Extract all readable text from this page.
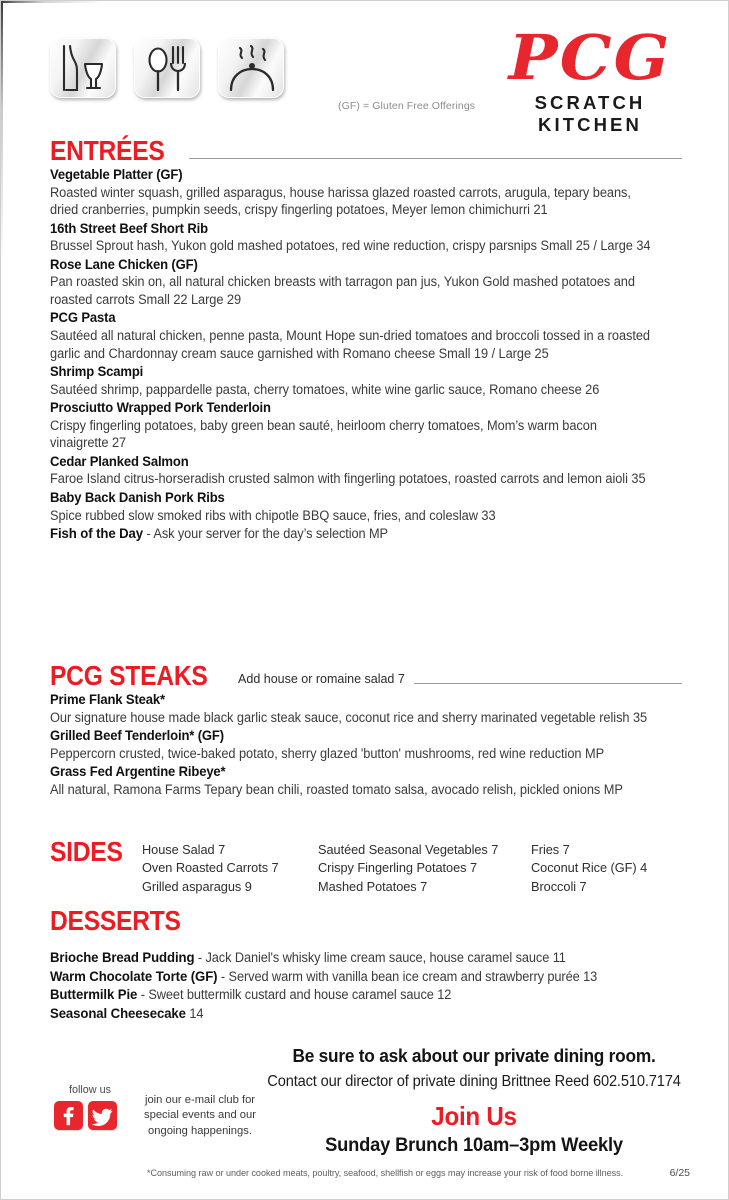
(GF) = Gluten Free Offerings
PCG
SCRATCH KITCHEN
ENTRÉES
Vegetable Platter (GF)
Roasted winter squash, grilled asparagus, house harissa glazed roasted carrots, arugula, tepary beans, dried cranberries, pumpkin seeds, crispy fingerling potatoes, Meyer lemon chimichurri 21
16th Street Beef Short Rib
Brussel Sprout hash, Yukon gold mashed potatoes, red wine reduction, crispy parsnips Small 25 / Large 34
Rose Lane Chicken (GF)
Pan roasted skin on, all natural chicken breasts with tarragon pan jus, Yukon Gold mashed potatoes and roasted carrots Small 22 Large 29
PCG Pasta
Sautéed all natural chicken, penne pasta, Mount Hope sun-dried tomatoes and broccoli tossed in a roasted garlic and Chardonnay cream sauce garnished with Romano cheese Small 19 / Large 25
Shrimp Scampi
Sautéed shrimp, pappardelle pasta, cherry tomatoes, white wine garlic sauce, Romano cheese 26
Prosciutto Wrapped Pork Tenderloin
Crispy fingerling potatoes, baby green bean sauté, heirloom cherry tomatoes, Mom’s warm bacon vinaigrette 27
Cedar Planked Salmon
Faroe Island citrus-horseradish crusted salmon with fingerling potatoes, roasted carrots and lemon aioli 35
Baby Back Danish Pork Ribs
Spice rubbed slow smoked ribs with chipotle BBQ sauce, fries, and coleslaw 33
Fish of the Day - Ask your server for the day’s selection MP
PCG STEAKS Add house or romaine salad 7
Prime Flank Steak*
Our signature house made black garlic steak sauce, coconut rice and sherry marinated vegetable relish 35
Grilled Beef Tenderloin* (GF)
Peppercorn crusted, twice-baked potato, sherry glazed 'button' mushrooms, red wine reduction MP
Grass Fed Argentine Ribeye*
All natural, Ramona Farms Tepary bean chili, roasted tomato salsa, avocado relish, pickled onions MP
SIDES	House Salad 7
Oven Roasted Carrots 7
Grilled asparagus 9
Sautéed Seasonal Vegetables 7
Crispy Fingerling Potatoes 7
Mashed Potatoes 7
Fries 7
Coconut Rice (GF) 4
Broccoli 7
DESSERTS
Brioche Bread Pudding - Jack Daniel's whisky lime cream sauce, house caramel sauce 11
Warm Chocolate Torte (GF) - Served warm with vanilla bean ice cream and strawberry purée 13
Buttermilk Pie - Sweet buttermilk custard and house caramel sauce 12
Seasonal Cheesecake 14
follow us
join our e-mail club for special events and our ongoing happenings.
Be sure to ask about our private dining room.
Contact our director of private dining Brittnee Reed 602.510.7174
Join Us
Sunday Brunch 10am–3pm Weekly
*Consuming raw or under cooked meats, poultry, seafood, shellfish or eggs may increase your risk of food borne illness.	6/25
